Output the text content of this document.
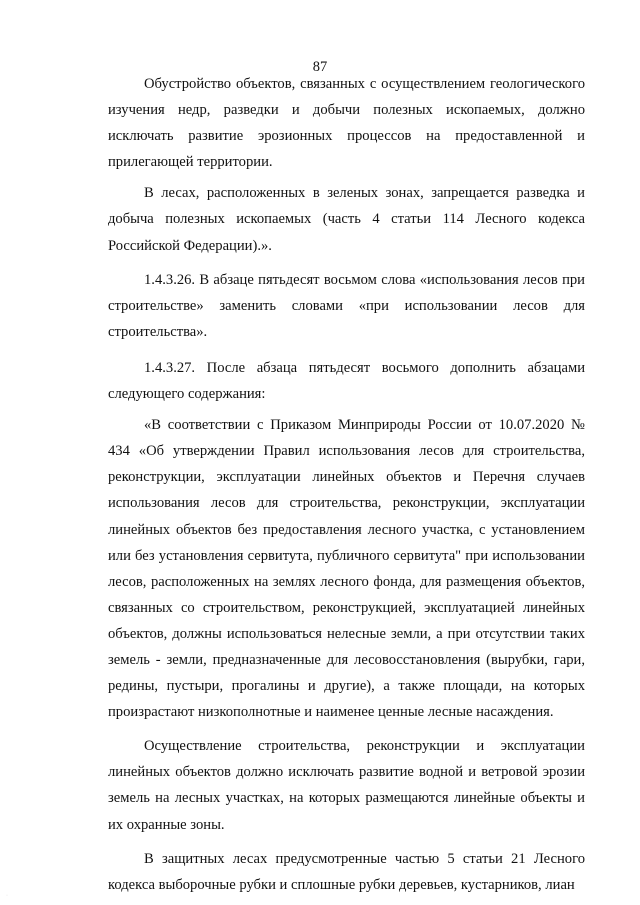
87

Обустройство объектов, связанных с осуществлением геологического изучения недр, разведки и добычи полезных ископаемых, должно исключать развитие эрозионных процессов на предоставленной и прилегающей территории.

В лесах, расположенных в зеленых зонах, запрещается разведка и добыча полезных ископаемых (часть 4 статьи 114 Лесного кодекса Российской Федерации).».

1.4.3.26. В абзаце пятьдесят восьмом слова «использования лесов при строительстве» заменить словами «при использовании лесов для строительства».

1.4.3.27. После абзаца пятьдесят восьмого дополнить абзацами следующего содержания:

«В соответствии с Приказом Минприроды России от 10.07.2020 № 434 «Об утверждении Правил использования лесов для строительства, реконструкции, эксплуатации линейных объектов и Перечня случаев использования лесов для строительства, реконструкции, эксплуатации линейных объектов без предоставления лесного участка, с установлением или без установления сервитута, публичного сервитута" при использовании лесов, расположенных на землях лесного фонда, для размещения объектов, связанных со строительством, реконструкцией, эксплуатацией линейных объектов, должны использоваться нелесные земли, а при отсутствии таких земель - земли, предназначенные для лесовосстановления (вырубки, гари, редины, пустыри, прогалины и другие), а также площади, на которых произрастают низкополнотные и наименее ценные лесные насаждения.

Осуществление строительства, реконструкции и эксплуатации линейных объектов должно исключать развитие водной и ветровой эрозии земель на лесных участках, на которых размещаются линейные объекты и их охранные зоны.

В защитных лесах предусмотренные частью 5 статьи 21 Лесного кодекса выборочные рубки и сплошные рубки деревьев, кустарников, лиан

·
